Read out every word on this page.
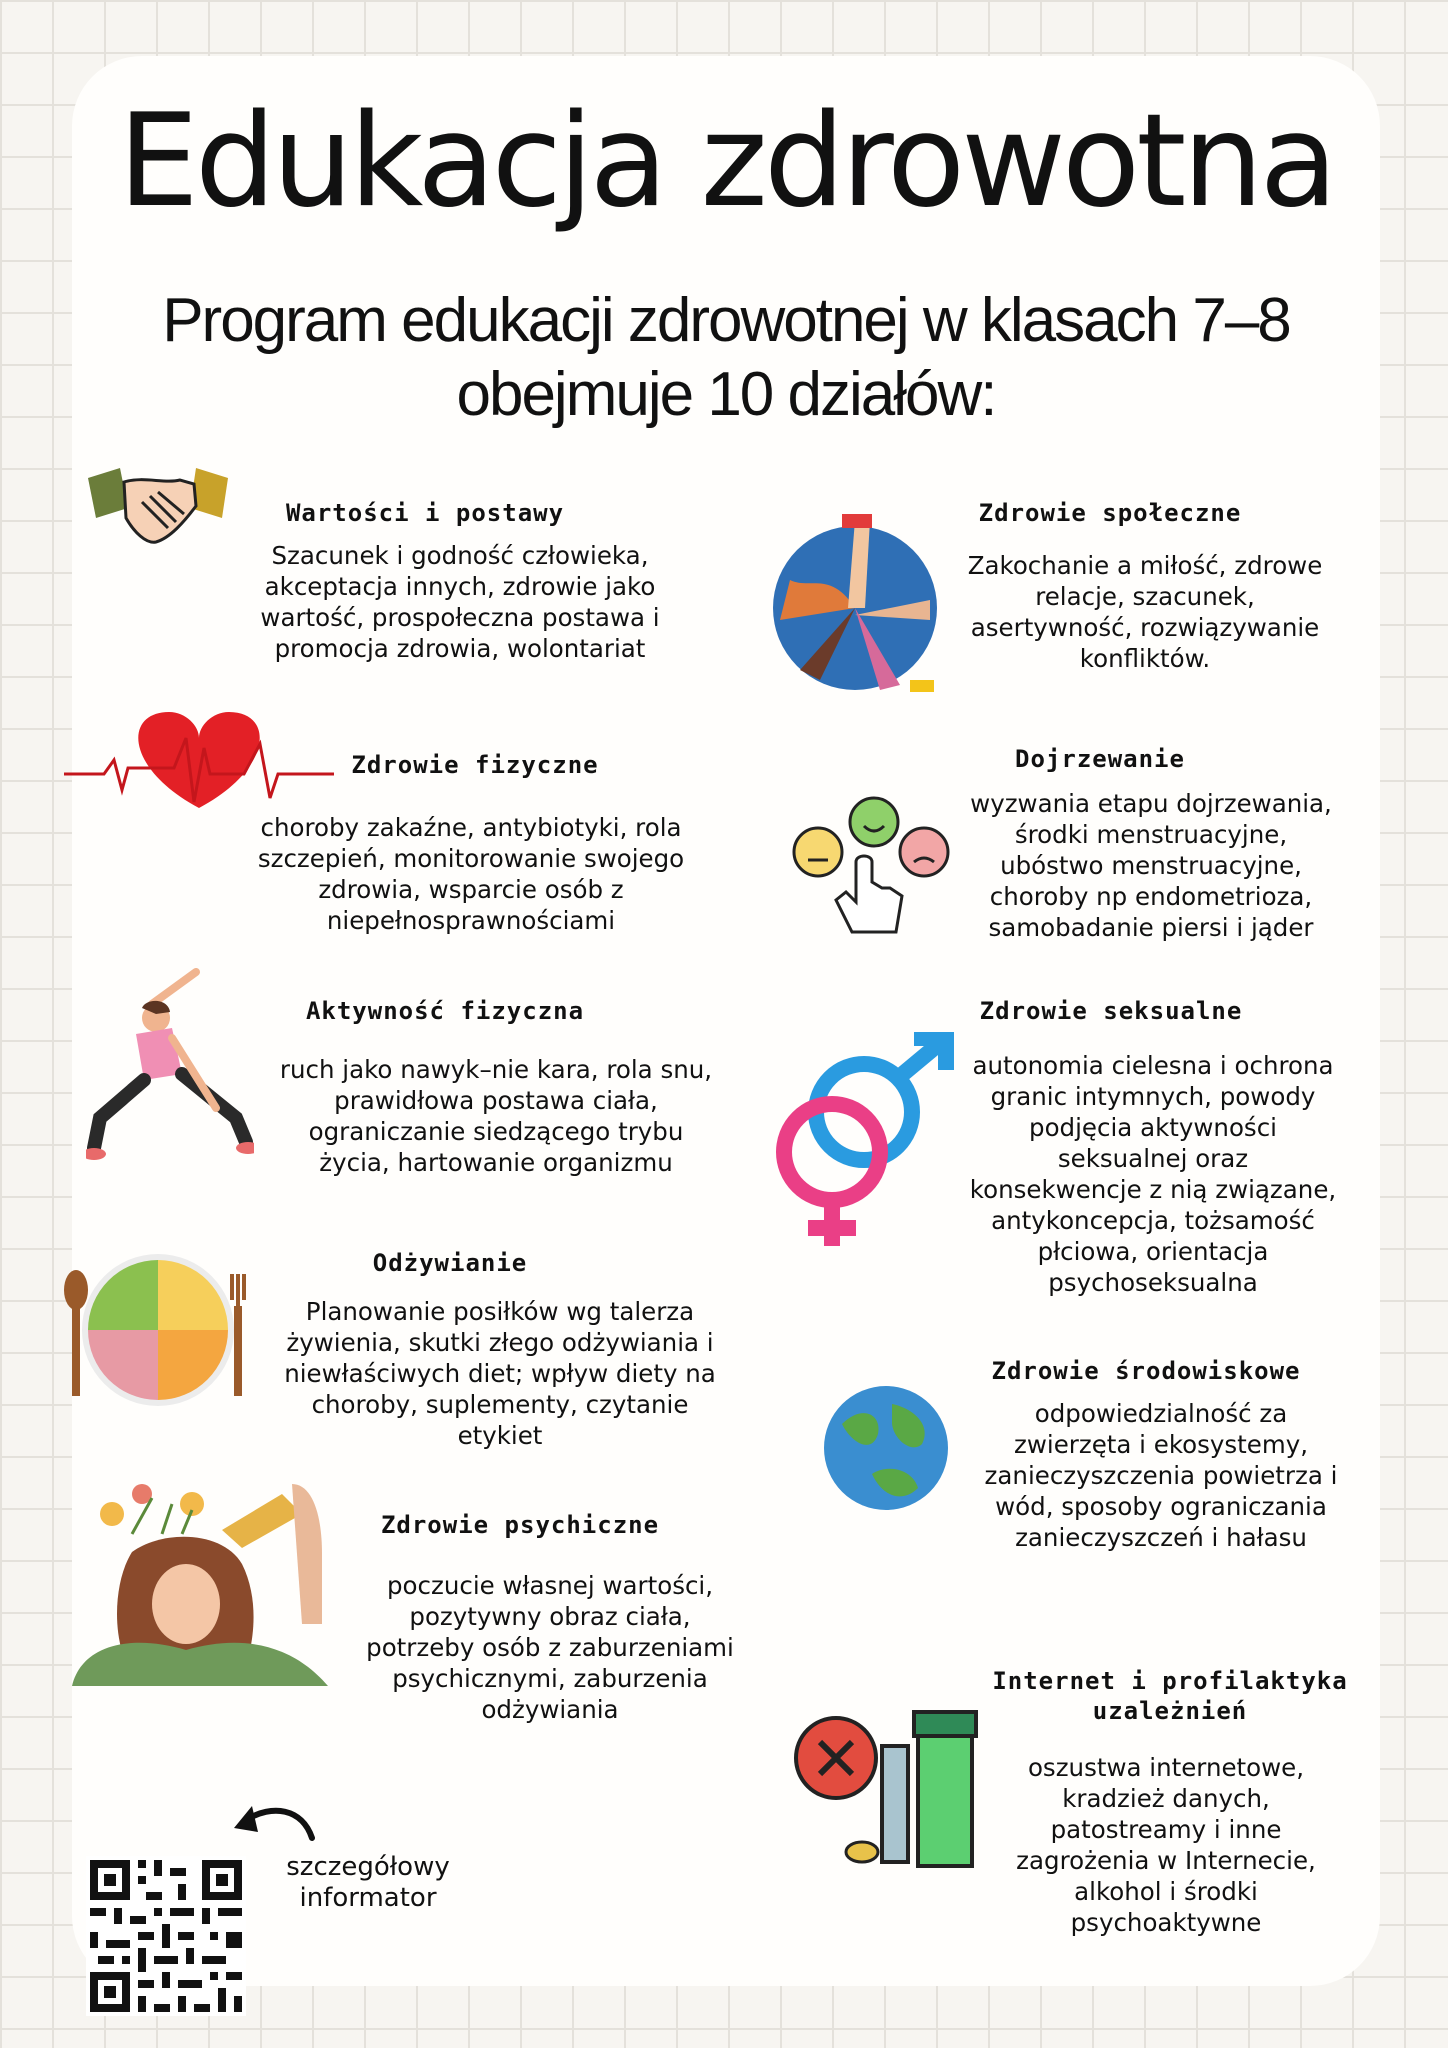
Edukacja zdrowotna
Program edukacji zdrowotnej w klasach 7–8
obejmuje 10 działów:
Wartości i postawy
Szacunek i godność człowieka,
akceptacja innych, zdrowie jako
wartość, prospołeczna postawa i
promocja zdrowia, wolontariat
Zdrowie społeczne
Zakochanie a miłość, zdrowe
relacje, szacunek,
asertywność, rozwiązywanie
konfliktów.
Zdrowie fizyczne
choroby zakaźne, antybiotyki, rola
szczepień, monitorowanie swojego
zdrowia, wsparcie osób z
niepełnosprawnościami
Dojrzewanie
wyzwania etapu dojrzewania,
środki menstruacyjne,
ubóstwo menstruacyjne,
choroby np endometrioza,
samobadanie piersi i jąder
Aktywność fizyczna
ruch jako nawyk–nie kara, rola snu,
prawidłowa postawa ciała,
ograniczanie siedzącego trybu
życia, hartowanie organizmu
Zdrowie seksualne
autonomia cielesna i ochrona
granic intymnych, powody
podjęcia aktywności
seksualnej oraz
konsekwencje z nią związane,
antykoncepcja, tożsamość
płciowa, orientacja
psychoseksualna
Odżywianie
Planowanie posiłków wg talerza
żywienia, skutki złego odżywiania i
niewłaściwych diet; wpływ diety na
choroby, suplementy, czytanie
etykiet
Zdrowie środowiskowe
odpowiedzialność za
zwierzęta i ekosystemy,
zanieczyszczenia powietrza i
wód, sposoby ograniczania
zanieczyszczeń i hałasu
Zdrowie psychiczne
poczucie własnej wartości,
pozytywny obraz ciała,
potrzeby osób z zaburzeniami
psychicznymi, zaburzenia
odżywiania
Internet i profilaktyka
uzależnień
oszustwa internetowe,
kradzież danych,
patostreamy i inne
zagrożenia w Internecie,
alkohol i środki
psychoaktywne
szczegółowy
informator
